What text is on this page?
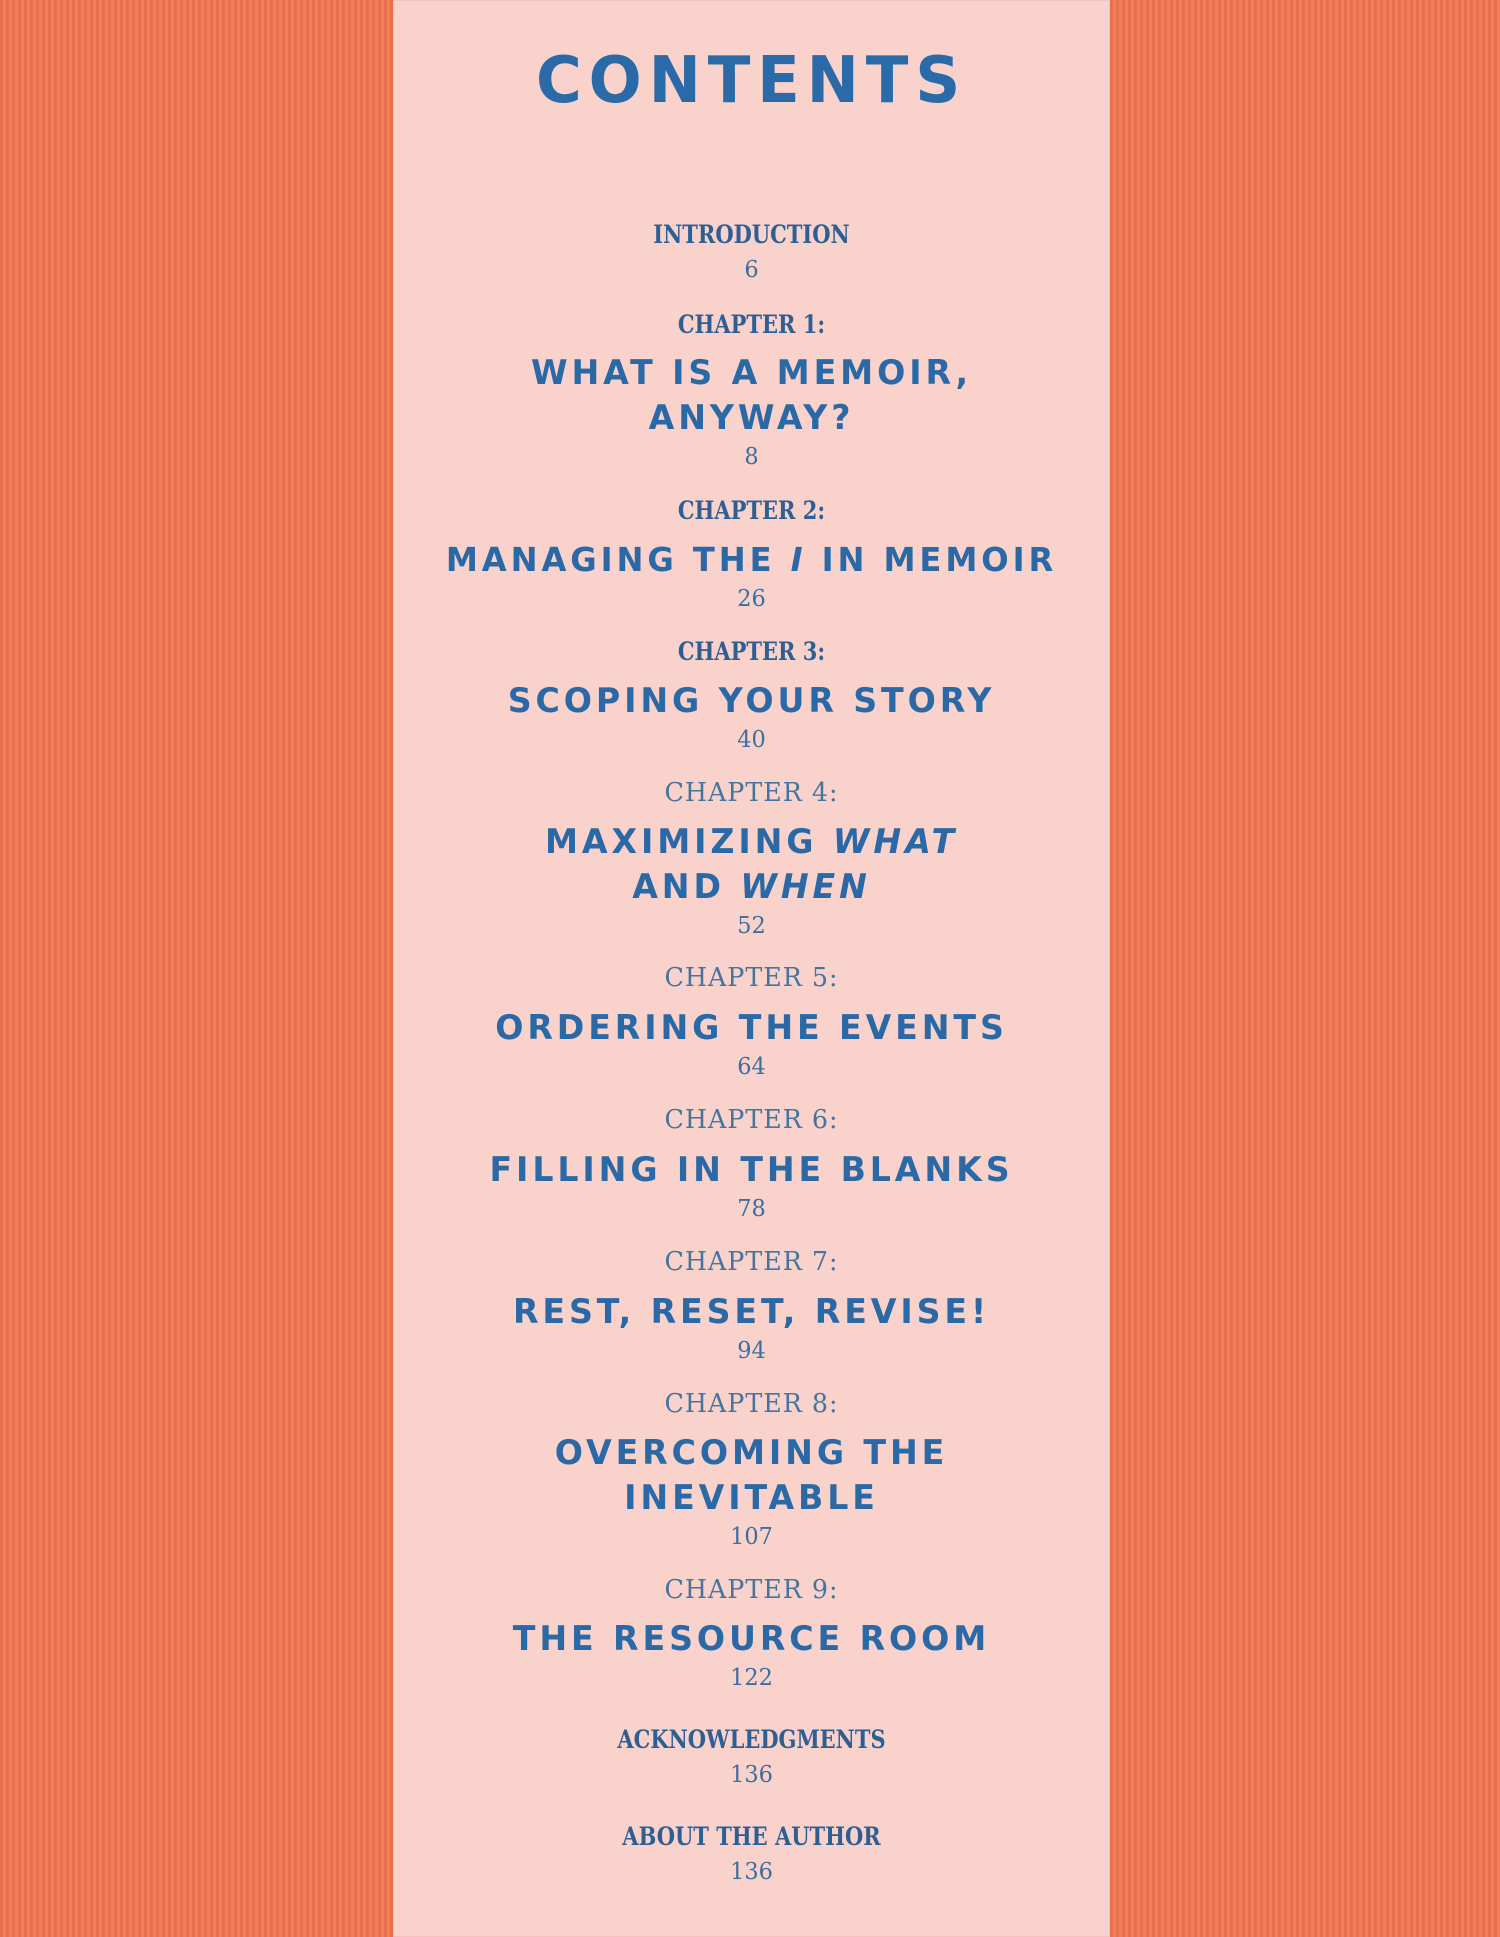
CONTENTS
INTRODUCTION
6
CHAPTER 1:
WHAT IS A MEMOIR,
ANYWAY?
8
CHAPTER 2:
MANAGING THE I IN MEMOIR
26
CHAPTER 3:
SCOPING YOUR STORY
40
CHAPTER 4:
MAXIMIZING WHAT
AND WHEN
52
CHAPTER 5:
ORDERING THE EVENTS
64
CHAPTER 6:
FILLING IN THE BLANKS
78
CHAPTER 7:
REST, RESET, REVISE!
94
CHAPTER 8:
OVERCOMING THE
INEVITABLE
107
CHAPTER 9:
THE RESOURCE ROOM
122
ACKNOWLEDGMENTS
136
ABOUT THE AUTHOR
136
